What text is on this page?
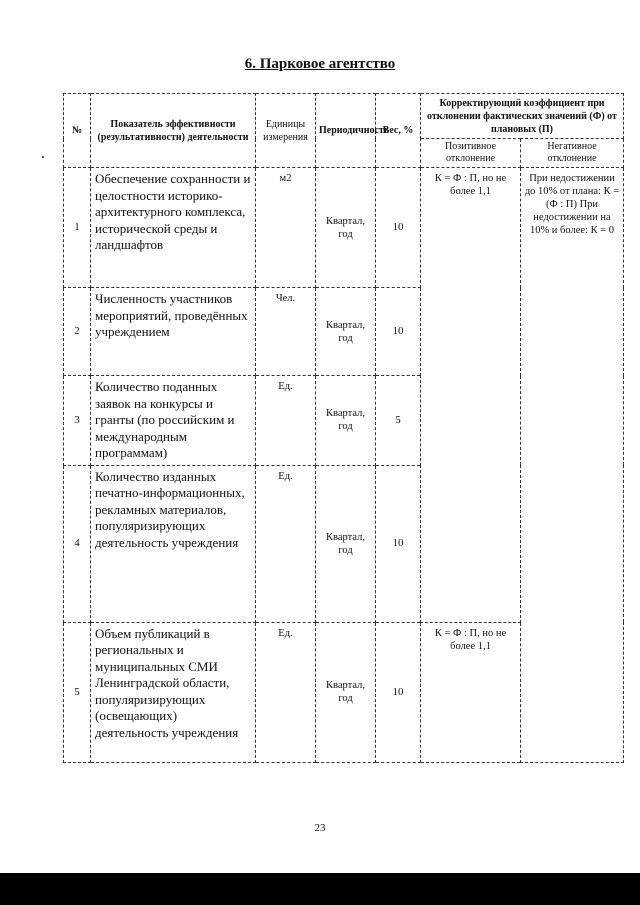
6. Парковое агентство
№	Показатель эффективности (результативности) деятельности	Единицы измерения	Периодичность	Вес, %	Корректирующий коэффициент при отклонении фактических значений (Ф) от плановых (П)	
					Позитивное отклонение	Негативное отклонение
1	Обеспечение сохранности и целостности историко-архитектурного комплекса, исторической среды и ландшафтов	м2	Квартал, год	10	К = Ф : П, но не более 1,1	При недостижении до 10% от плана: К = (Ф : П) При недостижении на 10% и более: К = 0
2	Численность участников мероприятий, проведённых учреждением	Чел.	Квартал, год	10		
3	Количество поданных заявок на конкурсы и гранты (по российским и международным программам)	Ед.	Квартал, год	5		
4	Количество изданных печатно-информационных, рекламных материалов, популяризирующих деятельность учреждения	Ед.	Квартал, год	10		
5	Объем публикаций в региональных и муниципальных СМИ Ленинградской области, популяризирующих (освещающих) деятельность учреждения	Ед.	Квартал, год	10	К = Ф : П, но не более 1,1	
23
